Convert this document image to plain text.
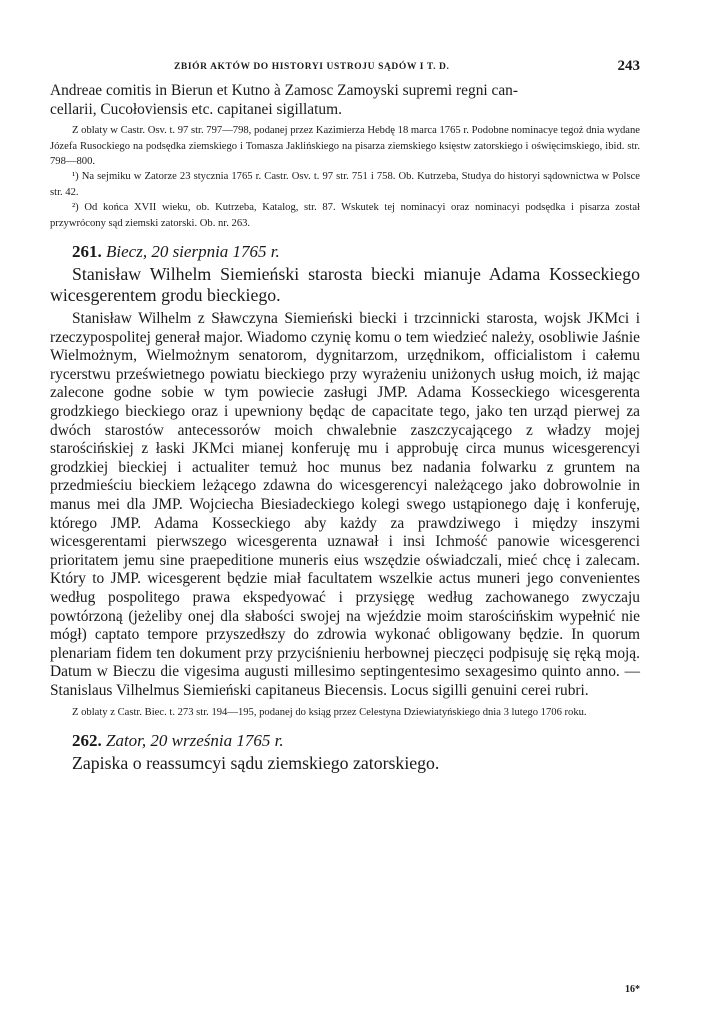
ZBIÓR AKTÓW DO HISTORYI USTROJU SĄDÓW I T. D.	243

Andreae comitis in Bierun et Kutno à Zamosc Zamoyski supremi regni can-

cellarii, Cucołoviensis etc. capitanei sigillatum.

Z oblaty w Castr. Osv. t. 97 str. 797—798, podanej przez Kazimierza Hebdę 18 marca 1765 r. Podobne nominacye tegoż dnia wydane Józefa Rusockiego na podsędka ziemskiego i Tomasza Jaklińskiego na pisarza ziemskiego księstw zatorskiego i oświęcimskiego, ibid. str. 798—800.

¹) Na sejmiku w Zatorze 23 stycznia 1765 r. Castr. Osv. t. 97 str. 751 i 758. Ob. Kutrzeba, Studya do historyi sądownictwa w Polsce str. 42.

²) Od końca XVII wieku, ob. Kutrzeba, Katalog, str. 87. Wskutek tej nominacyi oraz nominacyi podsędka i pisarza został przywrócony sąd ziemski zatorski. Ob. nr. 263.

261. Biecz, 20 sierpnia 1765 r.

Stanisław Wilhelm Siemieński starosta biecki mianuje Adama Kosseckiego wicesgerentem grodu bieckiego.

Stanisław Wilhelm z Sławczyna Siemieński biecki i trzcinnicki starosta, wojsk JKMci i rzeczypospolitej generał major. Wiadomo czynię komu o tem wiedzieć należy, osobliwie Jaśnie Wielmożnym, Wielmożnym senatorom, dygnitarzom, urzędnikom, officialistom i całemu rycerstwu prześwietnego powiatu bieckiego przy wyrażeniu uniżonych usług moich, iż mając zalecone godne sobie w tym powiecie zasługi JMP. Adama Kosseckiego wicesgerenta grodzkiego bieckiego oraz i upewniony będąc de capacitate tego, jako ten urząd pierwej za dwóch starostów antecessorów moich chwalebnie zaszczycającego z władzy mojej starościńskiej z łaski JKMci mianej konferuję mu i approbuję circa munus wicesgerencyi grodzkiej bieckiej i actualiter temuż hoc munus bez nadania folwarku z gruntem na przedmieściu bieckiem leżącego zdawna do wicesgerencyi należącego jako dobrowolnie in manus mei dla JMP. Wojciecha Biesiadeckiego kolegi swego ustąpionego daję i konferuję, którego JMP. Adama Kosseckiego aby każdy za prawdziwego i między inszymi wicesgerentami pierwszego wicesgerenta uznawał i insi Ichmość panowie wicesgerenci prioritatem jemu sine praepeditione muneris eius wszędzie oświadczali, mieć chcę i zalecam. Który to JMP. wicesgerent będzie miał facultatem wszelkie actus muneri jego convenientes według pospolitego prawa ekspedyować i przysięgę według zachowanego zwyczaju powtórzoną (jeżeliby onej dla słabości swojej na wjeździe moim starościńskim wypełnić nie mógł) captato tempore przyszedłszy do zdrowia wykonać obligowany będzie. In quorum plenariam fidem ten dokument przy przyciśnieniu herbownej pieczęci podpisuję się ręką moją. Datum w Bieczu die vigesima augusti millesimo septingentesimo sexagesimo quinto anno. — Stanislaus Vilhelmus Siemieński capitaneus Biecensis. Locus sigilli genuini cerei rubri.

Z oblaty z Castr. Biec. t. 273 str. 194—195, podanej do ksiąg przez Celestyna Dziewiatyńskiego dnia 3 lutego 1706 roku.

262. Zator, 20 września 1765 r.

Zapiska o reassumcyi sądu ziemskiego zatorskiego.

16*
